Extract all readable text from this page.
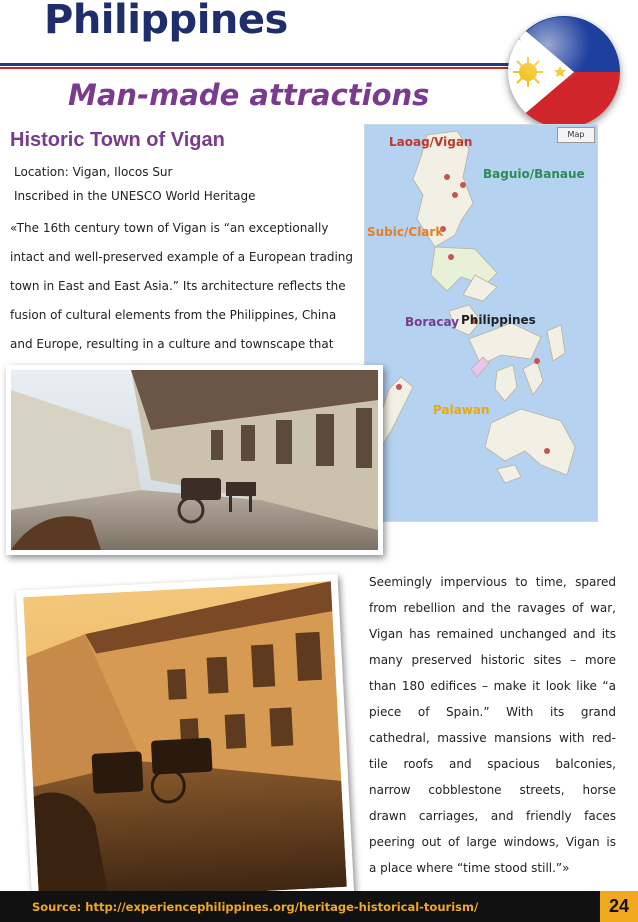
Philippines
Man-made attractions
Historic Town of Vigan
Location: Vigan, Ilocos Sur
Inscribed in the UNESCO World Heritage
«The 16th century town of Vigan is “an exceptionally
intact and well-preserved example of a European trading
town in East and East Asia.” Its architecture reflects the
fusion of cultural elements from the Philippines, China
and Europe, resulting in a culture and townscape that
Map
Laoag/Vigan
Baguio/Banaue
Subic/Clark
Boracay Philippines
Palawan
Seemingly impervious to time, spared
from rebellion and the ravages of war,
Vigan has remained unchanged and its
many preserved historic sites – more
than 180 edifices – make it look like “a
piece of Spain.” With its grand
cathedral, massive mansions with red-
tile roofs and spacious balconies,
narrow cobblestone streets, horse
drawn carriages, and friendly faces
peering out of large windows, Vigan is
a place where “time stood still.”»
Source: http://experiencephilippines.org/heritage-historical-tourism/	24
